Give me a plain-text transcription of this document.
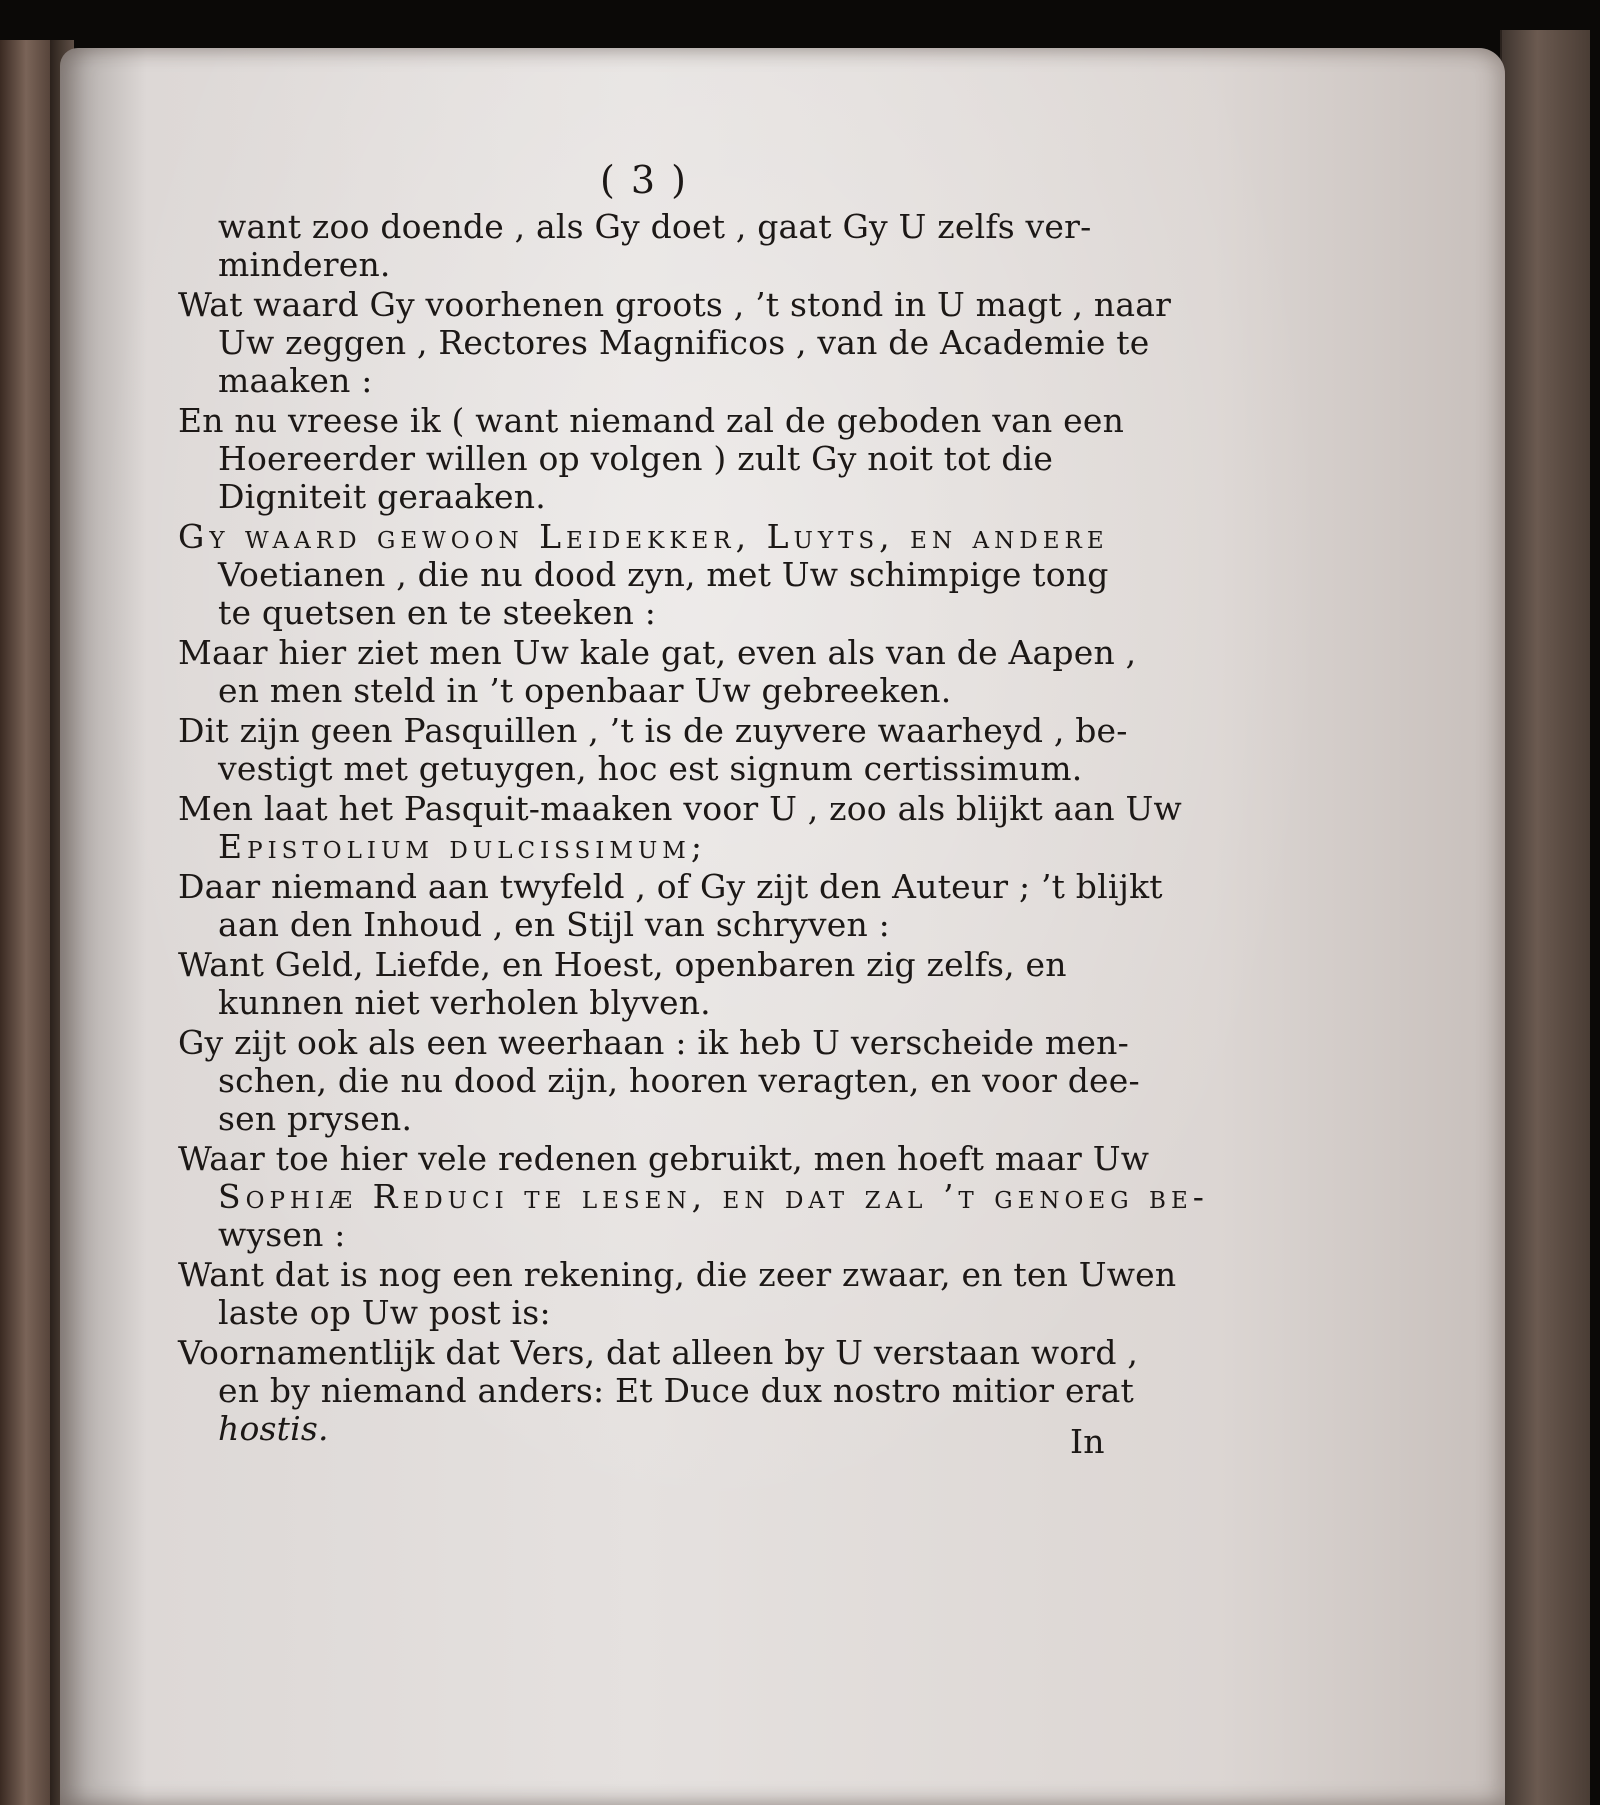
( 3 )
want zoo doende , als Gy doet , gaat Gy U zelfs ver-
minderen.
Wat waard Gy voorhenen groots , ’t stond in U magt , naar
Uw zeggen , Rectores Magnificos , van de Academie te
maaken :
En nu vreese ik ( want niemand zal de geboden van een
Hoereerder willen op volgen ) zult Gy noit tot die
Digniteit geraaken.
Gy waard gewoon Leidekker, Luyts, en andere
Voetianen , die nu dood zyn, met Uw schimpige tong
te quetsen en te steeken :
Maar hier ziet men Uw kale gat, even als van de Aapen ,
en men steld in ’t openbaar Uw gebreeken.
Dit zijn geen Pasquillen , ’t is de zuyvere waarheyd , be-
vestigt met getuygen, hoc est signum certissimum.
Men laat het Pasquit-maaken voor U , zoo als blijkt aan Uw
Epistolium dulcissimum;
Daar niemand aan twyfeld , of Gy zijt den Auteur ; ’t blijkt
aan den Inhoud , en Stijl van schryven :
Want Geld, Liefde, en Hoest, openbaren zig zelfs, en
kunnen niet verholen blyven.
Gy zijt ook als een weerhaan : ik heb U verscheide men-
schen, die nu dood zijn, hooren veragten, en voor dee-
sen prysen.
Waar toe hier vele redenen gebruikt, men hoeft maar Uw
Sophiæ Reduci te lesen, en dat zal ’t genoeg be-
wysen :
Want dat is nog een rekening, die zeer zwaar, en ten Uwen
laste op Uw post is:
Voornamentlijk dat Vers, dat alleen by U verstaan word ,
en by niemand anders: Et Duce dux nostro mitior erat
hostis.	In
